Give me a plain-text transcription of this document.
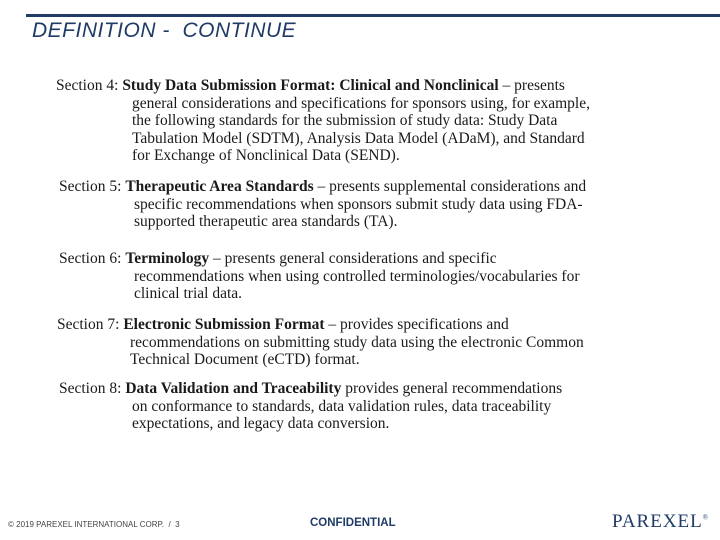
DEFINITION -  CONTINUE
Section 4: Study Data Submission Format: Clinical and Nonclinical – presents
general considerations and specifications for sponsors using, for example,
the following standards for the submission of study data: Study Data
Tabulation Model (SDTM), Analysis Data Model (ADaM), and Standard
for Exchange of Nonclinical Data (SEND).
Section 5: Therapeutic Area Standards – presents supplemental considerations and
specific recommendations when sponsors submit study data using FDA-
supported therapeutic area standards (TA).
Section 6: Terminology – presents general considerations and specific
recommendations when using controlled terminologies/vocabularies for
clinical trial data.
Section 7: Electronic Submission Format – provides specifications and
recommendations on submitting study data using the electronic Common
Technical Document (eCTD) format.
Section 8: Data Validation and Traceability provides general recommendations
on conformance to standards, data validation rules, data traceability
expectations, and legacy data conversion.
© 2019 PAREXEL INTERNATIONAL CORP.  /  3	CONFIDENTIAL	PAREXEL®
